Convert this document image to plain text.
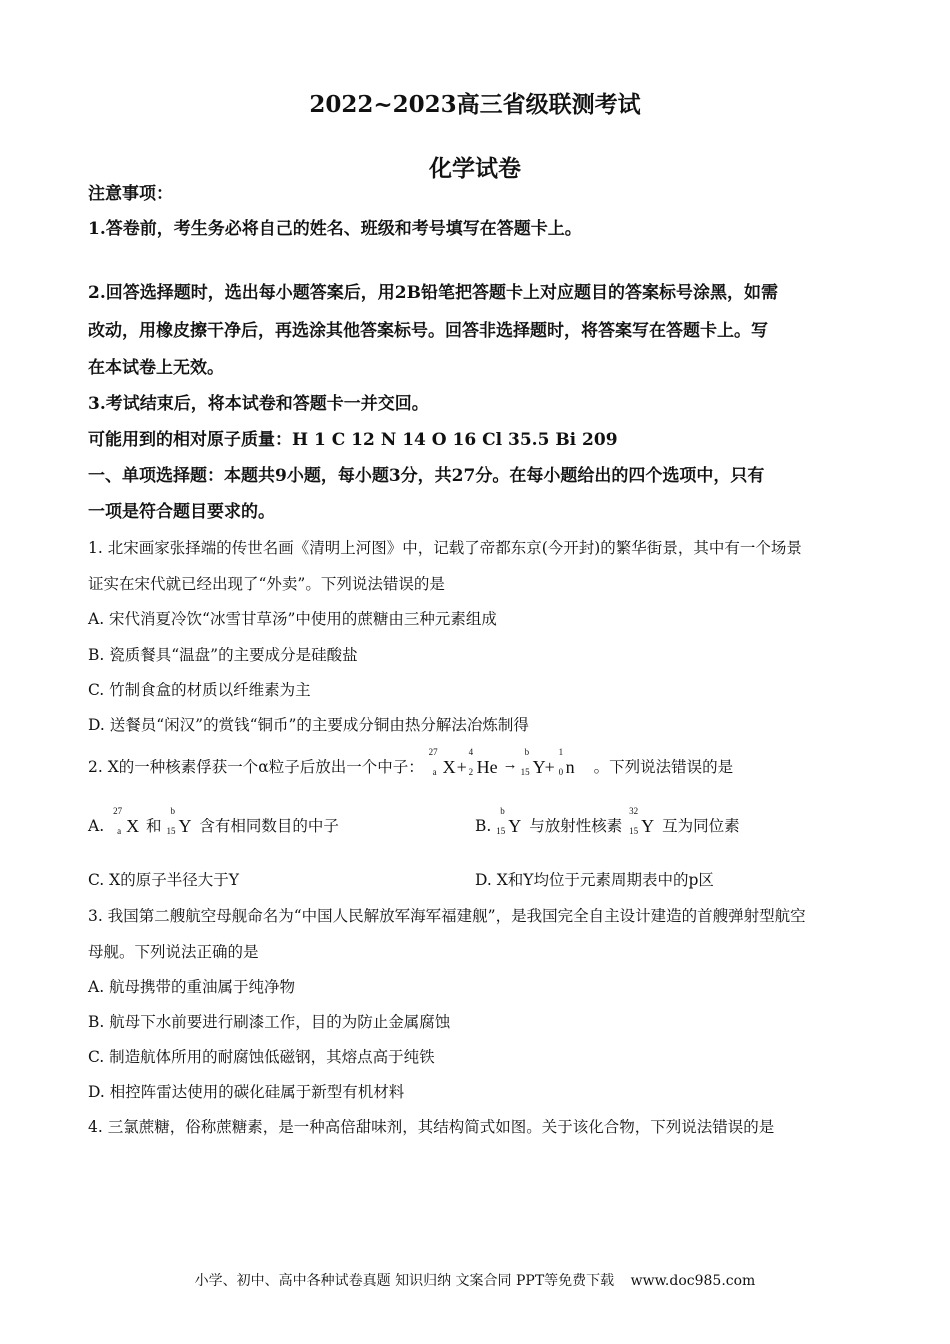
2022~2023高三省级联测考试
化学试卷
注意事项：
1.答卷前，考生务必将自己的姓名、班级和考号填写在答题卡上。
2.回答选择题时，选出每小题答案后，用2B铅笔把答题卡上对应题目的答案标号涂黑，如需
改动，用橡皮擦干净后，再选涂其他答案标号。回答非选择题时，将答案写在答题卡上。写
在本试卷上无效。
3.考试结束后，将本试卷和答题卡一并交回。
可能用到的相对原子质量：H 1 C 12 N 14 O 16 Cl 35.5 Bi 209
一、单项选择题：本题共9小题，每小题3分，共27分。在每小题给出的四个选项中，只有
一项是符合题目要求的。
1. 北宋画家张择端的传世名画《清明上河图》中，记载了帝都东京(今开封)的繁华街景，其中有一个场景
证实在宋代就已经出现了“外卖”。下列说法错误的是
A. 宋代消夏冷饮“冰雪甘草汤”中使用的蔗糖由三种元素组成
B. 瓷质餐具“温盘”的主要成分是硅酸盐
C. 竹制食盒的材质以纤维素为主
D. 送餐员“闲汉”的赏钱“铜币”的主要成分铜由热分解法冶炼制得
2. X的一种核素俘获一个α粒子后放出一个中子： X
27
a +
4
2 He →
b
15 Y +
1
0 n 。下列说法错误的是
A.
27
a X 和
b
15 Y 含有相同数目的中子	B.
b
15 Y 与放射性核素
32
15 Y 互为同位素
C. X的原子半径大于Y	D. X和Y均位于元素周期表中的p区
3. 我国第二艘航空母舰命名为“中国人民解放军海军福建舰”，是我国完全自主设计建造的首艘弹射型航空
母舰。下列说法正确的是
A. 航母携带的重油属于纯净物
B. 航母下水前要进行刷漆工作，目的为防止金属腐蚀
C. 制造航体所用的耐腐蚀低磁钢，其熔点高于纯铁
D. 相控阵雷达使用的碳化硅属于新型有机材料
4. 三氯蔗糖，俗称蔗糖素，是一种高倍甜味剂，其结构简式如图。关于该化合物，下列说法错误的是
小学、初中、高中各种试卷真题 知识归纳 文案合同 PPT等免费下载 www.doc985.com
